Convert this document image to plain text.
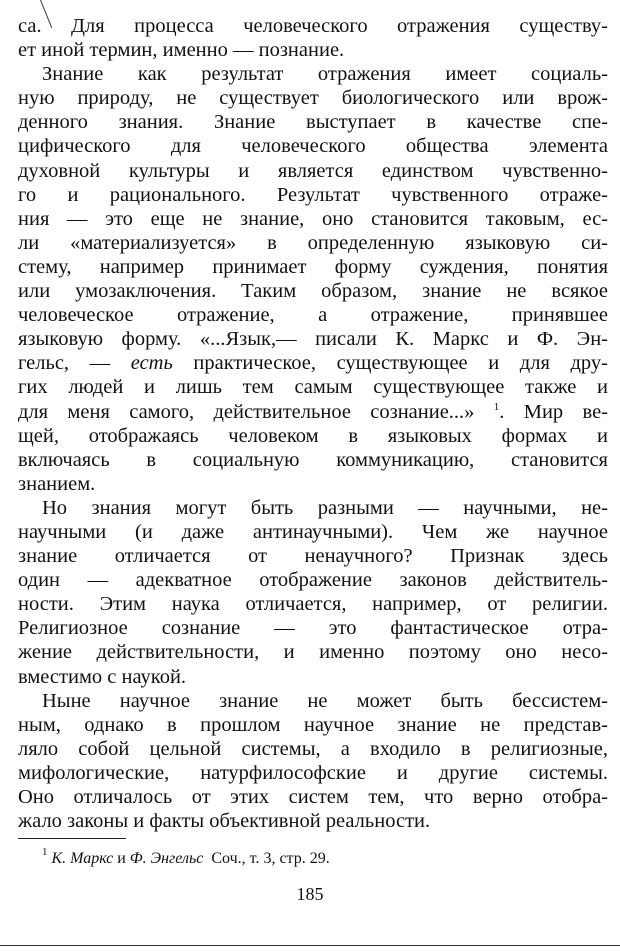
са. Для процесса человеческого отражения существу-
ет иной термин, именно — познание.
Знание как результат отражения имеет социаль-
ную природу, не существует биологического или врож-
денного знания. Знание выступает в качестве спе-
цифического для человеческого общества элемента
духовной культуры и является единством чувственно-
го и рационального. Результат чувственного отраже-
ния — это еще не знание, оно становится таковым, ес-
ли «материализуется» в определенную языковую си-
стему, например принимает форму суждения, понятия
или умозаключения. Таким образом, знание не всякое
человеческое отражение, а отражение, принявшее
языковую форму. «...Язык,— писали К. Маркс и Ф. Эн-
гельс, — есть практическое, существующее и для дру-
гих людей и лишь тем самым существующее также и
для меня самого, действительное сознание...» $^1$. Мир ве-
щей, отображаясь человеком в языковых формах и
включаясь в социальную коммуникацию, становится
знанием.
Но знания могут быть разными — научными, не-
научными (и даже антинаучными). Чем же научное
знание отличается от ненаучного? Признак здесь
один — адекватное отображение законов действитель-
ности. Этим наука отличается, например, от религии.
Религиозное сознание — это фантастическое отра-
жение действительности, и именно поэтому оно несо-
вместимо с наукой.
Ныне научное знание не может быть бессистем-
ным, однако в прошлом научное знание не представ-
ляло собой цельной системы, а входило в религиозные,
мифологические, натурфилософские и другие системы.
Оно отличалось от этих систем тем, что верно отобра-
жало законы и факты объективной реальности.
$^1$ К. Маркс и Ф. Энгельс  Соч., т. 3, стр. 29.
185
